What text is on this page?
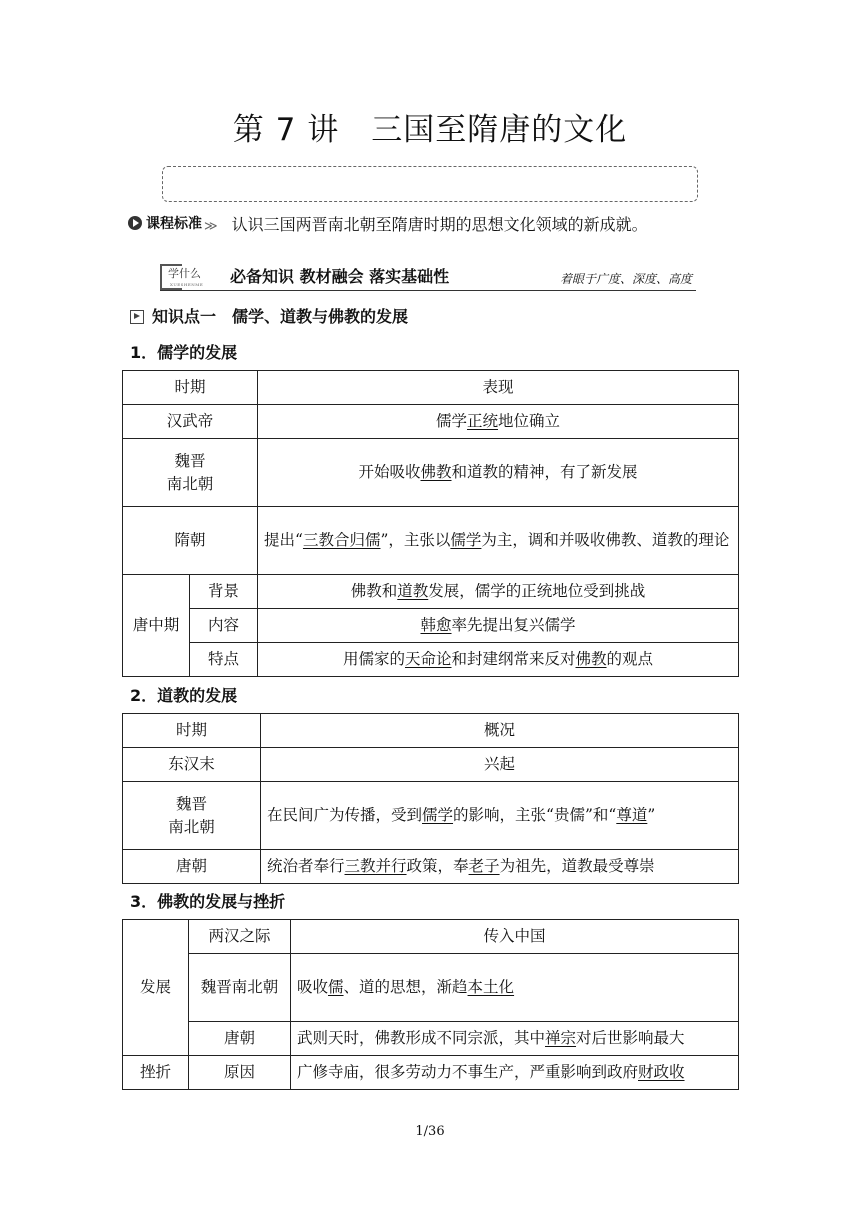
第 7 讲　三国至隋唐的文化
课程标准 ≫ 认识三国两晋南北朝至隋唐时期的思想文化领域的新成就。
学什么
XUESHENME 必备知识 教材融会 落实基础性	着眼于广度、深度、高度
知识点一　儒学、道教与佛教的发展
1．儒学的发展
时期		表现
汉武帝		儒学正统地位确立
魏晋
南北朝		开始吸收佛教和道教的精神，有了新发展
隋朝		提出“三教合归儒”，主张以儒学为主，调和并吸收佛教、道教的理论
唐中期	背景	佛教和道教发展，儒学的正统地位受到挑战
	内容	韩愈率先提出复兴儒学
	特点	用儒家的天命论和封建纲常来反对佛教的观点
2．道教的发展
时期	概况
东汉末	兴起
魏晋
南北朝	在民间广为传播，受到儒学的影响，主张“贵儒”和“尊道”
唐朝	统治者奉行三教并行政策，奉老子为祖先，道教最受尊崇
3．佛教的发展与挫折
发展	两汉之际	传入中国
	魏晋南北朝	吸收儒、道的思想，渐趋本土化
	唐朝	武则天时，佛教形成不同宗派，其中禅宗对后世影响最大
挫折	原因	广修寺庙，很多劳动力不事生产，严重影响到政府财政收
1/36
